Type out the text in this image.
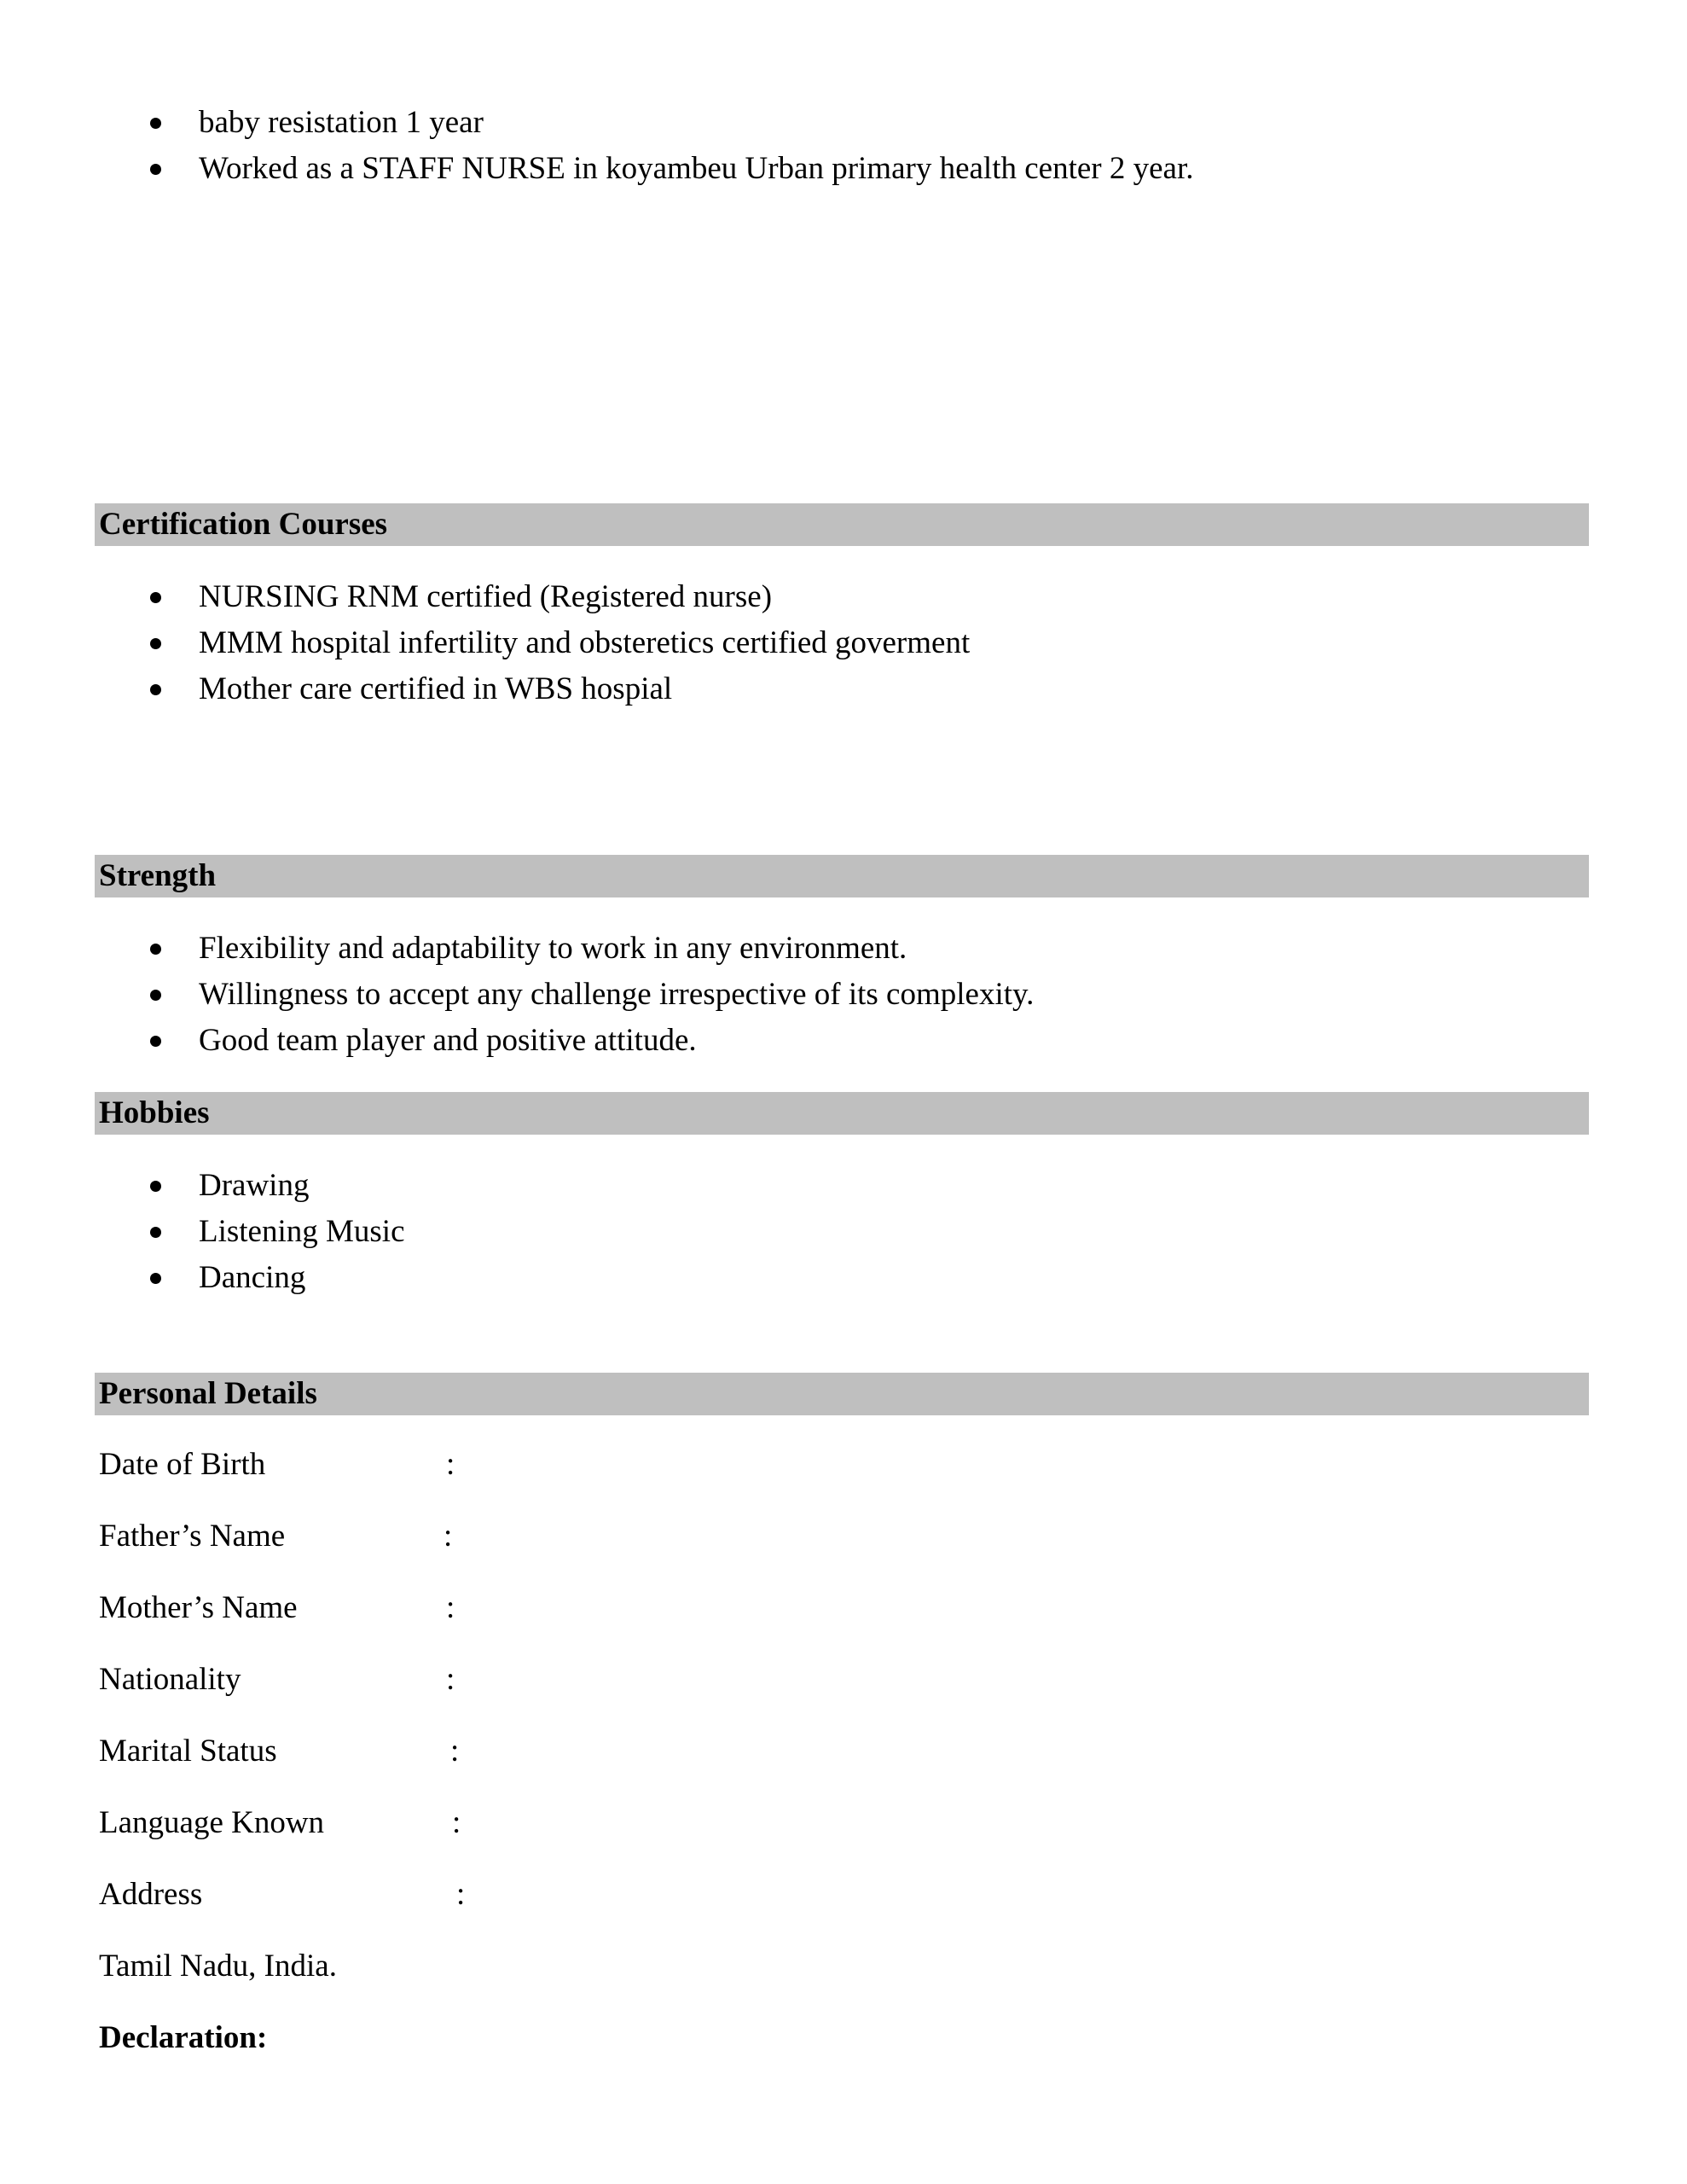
baby resistation 1 year
Worked as a STAFF NURSE in koyambeu Urban primary health center 2 year.
Certification Courses
NURSING RNM certified (Registered nurse)
MMM hospital infertility and obsteretics certified goverment
Mother care certified in WBS hospial
Strength
Flexibility and adaptability to work in any environment.
Willingness to accept any challenge irrespective of its complexity.
Good team player and positive attitude.
Hobbies
Drawing
Listening Music
Dancing
Personal Details
Date of Birth	:
Father’s Name	:
Mother’s Name	:
Nationality	:
Marital Status	:
Language Known	:
Address	:
Tamil Nadu, India.
Declaration:
